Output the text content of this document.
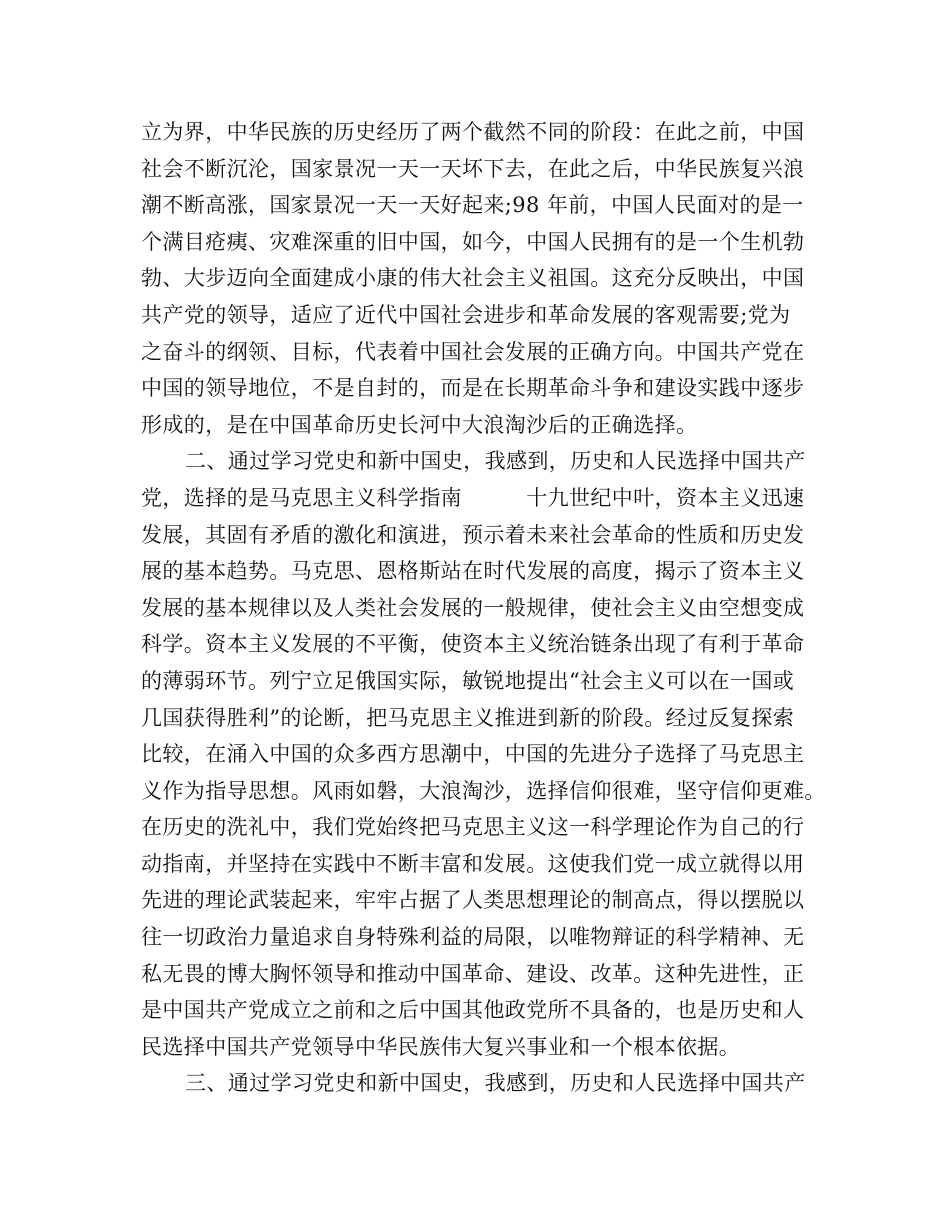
立为界，中华民族的历史经历了两个截然不同的阶段：在此之前，中国
社会不断沉沦，国家景况一天一天坏下去，在此之后，中华民族复兴浪
潮不断高涨，国家景况一天一天好起来;98 年前，中国人民面对的是一
个满目疮痍、灾难深重的旧中国，如今，中国人民拥有的是一个生机勃
勃、大步迈向全面建成小康的伟大社会主义祖国。这充分反映出，中国
共产党的领导，适应了近代中国社会进步和革命发展的客观需要;党为
之奋斗的纲领、目标，代表着中国社会发展的正确方向。中国共产党在
中国的领导地位，不是自封的，而是在长期革命斗争和建设实践中逐步
形成的，是在中国革命历史长河中大浪淘沙后的正确选择。
二、通过学习党史和新中国史，我感到，历史和人民选择中国共产
党，选择的是马克思主义科学指南　　　十九世纪中叶，资本主义迅速
发展，其固有矛盾的激化和演进，预示着未来社会革命的性质和历史发
展的基本趋势。马克思、恩格斯站在时代发展的高度，揭示了资本主义
发展的基本规律以及人类社会发展的一般规律，使社会主义由空想变成
科学。资本主义发展的不平衡，使资本主义统治链条出现了有利于革命
的薄弱环节。列宁立足俄国实际，敏锐地提出“社会主义可以在一国或
几国获得胜利”的论断，把马克思主义推进到新的阶段。经过反复探索
比较，在涌入中国的众多西方思潮中，中国的先进分子选择了马克思主
义作为指导思想。风雨如磐，大浪淘沙，选择信仰很难，坚守信仰更难。
在历史的洗礼中，我们党始终把马克思主义这一科学理论作为自己的行
动指南，并坚持在实践中不断丰富和发展。这使我们党一成立就得以用
先进的理论武装起来，牢牢占据了人类思想理论的制高点，得以摆脱以
往一切政治力量追求自身特殊利益的局限，以唯物辩证的科学精神、无
私无畏的博大胸怀领导和推动中国革命、建设、改革。这种先进性，正
是中国共产党成立之前和之后中国其他政党所不具备的，也是历史和人
民选择中国共产党领导中华民族伟大复兴事业和一个根本依据。
三、通过学习党史和新中国史，我感到，历史和人民选择中国共产
